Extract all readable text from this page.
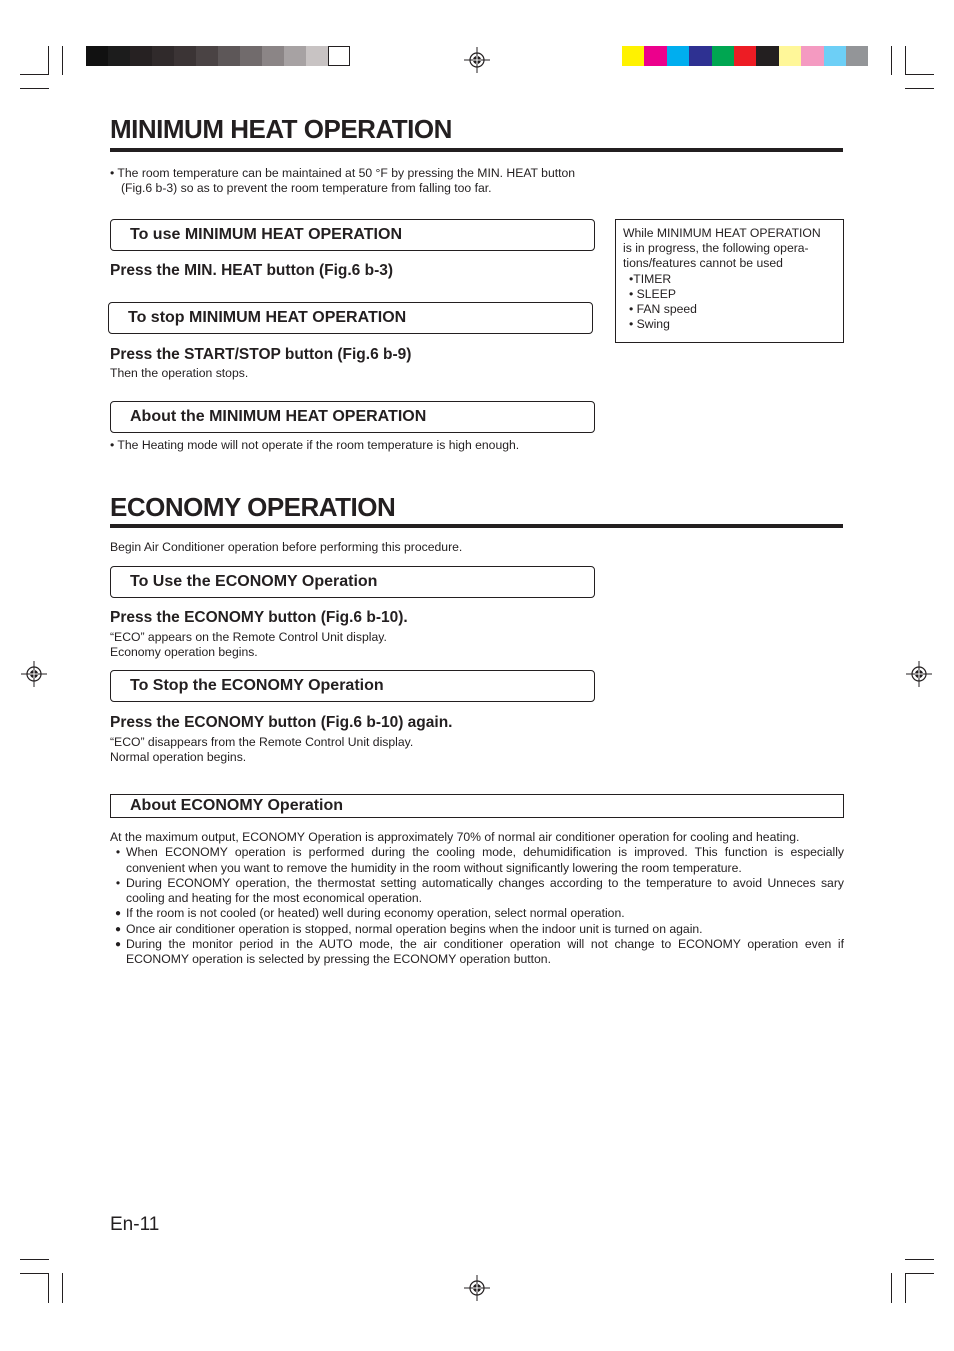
MINIMUM HEAT OPERATION

• The room temperature can be maintained at 50 °F by pressing the MIN. HEAT button

(Fig.6 b-3) so as to prevent the room temperature from falling too far.

To use MINIMUM HEAT OPERATION

Press the MIN. HEAT button (Fig.6 b-3)

To stop MINIMUM HEAT OPERATION

Press the START/STOP button (Fig.6 b-9)

Then the operation stops.

About the MINIMUM HEAT OPERATION

• The Heating mode will not operate if the room temperature is high enough.

While MINIMUM HEAT OPERATION

is in progress, the following opera-

tions/features cannot be used

•TIMER

• SLEEP

• FAN speed

• Swing

ECONOMY OPERATION

Begin Air Conditioner operation before performing this procedure.

To Use the ECONOMY Operation

Press the ECONOMY button (Fig.6 b-10).

“ECO” appears on the Remote Control Unit display.

Economy operation begins.

To Stop the ECONOMY Operation

Press the ECONOMY button (Fig.6 b-10) again.

“ECO” disappears from the Remote Control Unit display.

Normal operation begins.

About ECONOMY Operation

At the maximum output, ECONOMY Operation is approximately 70% of normal air conditioner operation for cooling and heating.

• When ECONOMY operation is performed during the cooling mode, dehumidification is improved. This function is especially convenient when you want to remove the humidity in the room without significantly lowering the room temperature.
• During ECONOMY operation, the thermostat setting automatically changes according to the temperature to avoid Unneces sary cooling and heating for the most economical operation.
● If the room is not cooled (or heated) well during economy operation, select normal operation.
● Once air conditioner operation is stopped, normal operation begins when the indoor unit is turned on again.
● During the monitor period in the AUTO mode, the air conditioner operation will not change to ECONOMY operation even if ECONOMY operation is selected by pressing the ECONOMY operation button.
En-11
